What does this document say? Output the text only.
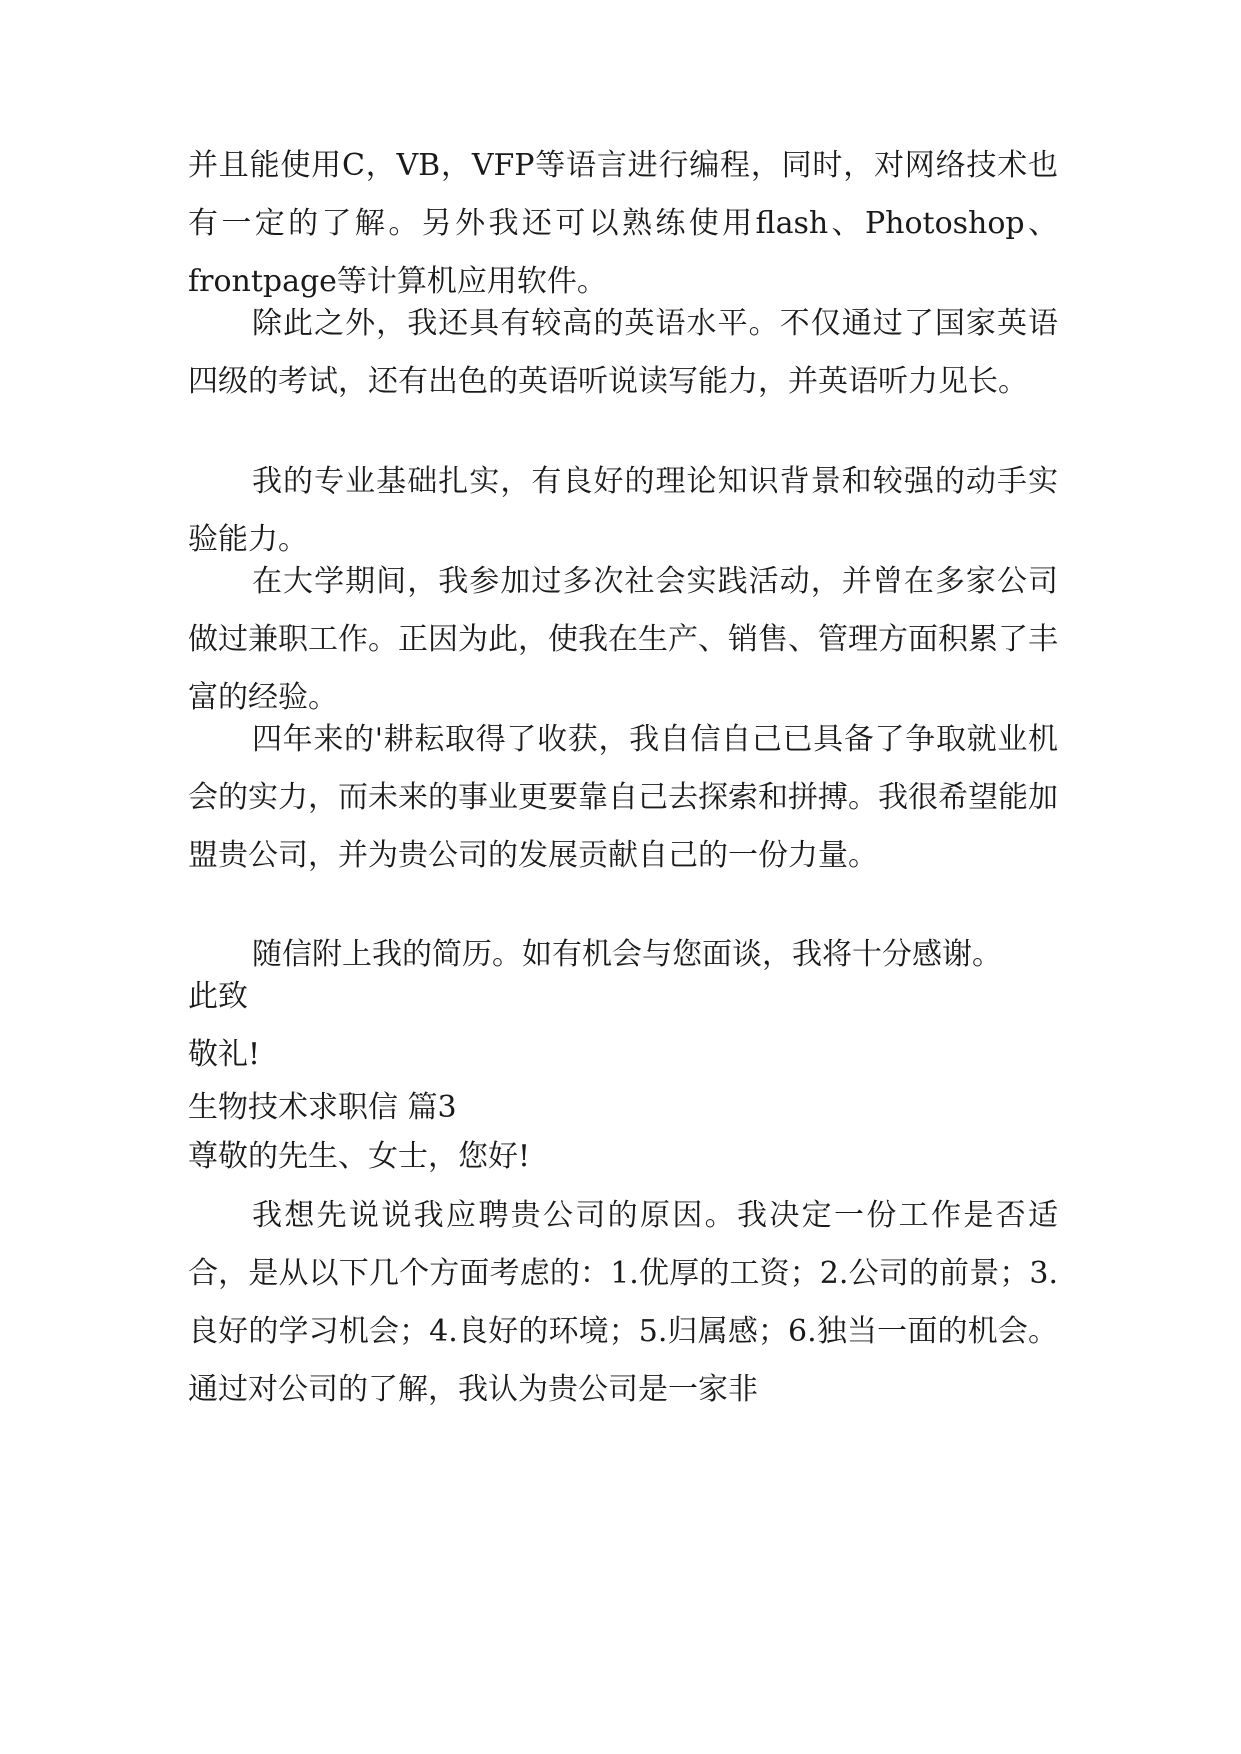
并且能使用C，VB，VFP等语言进行编程，同时，对网络技术也有一定的了解。另外我还可以熟练使用flash、Photoshop、frontpage等计算机应用软件。

除此之外，我还具有较高的英语水平。不仅通过了国家英语四级的考试，还有出色的英语听说读写能力，并英语听力见长。

我的专业基础扎实，有良好的理论知识背景和较强的动手实验能力。

在大学期间，我参加过多次社会实践活动，并曾在多家公司做过兼职工作。正因为此，使我在生产、销售、管理方面积累了丰富的经验。

四年来的'耕耘取得了收获，我自信自己已具备了争取就业机会的实力，而未来的事业更要靠自己去探索和拼搏。我很希望能加盟贵公司，并为贵公司的发展贡献自己的一份力量。

随信附上我的简历。如有机会与您面谈，我将十分感谢。

此致

敬礼!

生物技术求职信 篇3

尊敬的先生、女士，您好!

我想先说说我应聘贵公司的原因。我决定一份工作是否适合，是从以下几个方面考虑的：1.优厚的工资；2.公司的前景；3.良好的学习机会；4.良好的环境；5.归属感；6.独当一面的机会。通过对公司的了解，我认为贵公司是一家非
